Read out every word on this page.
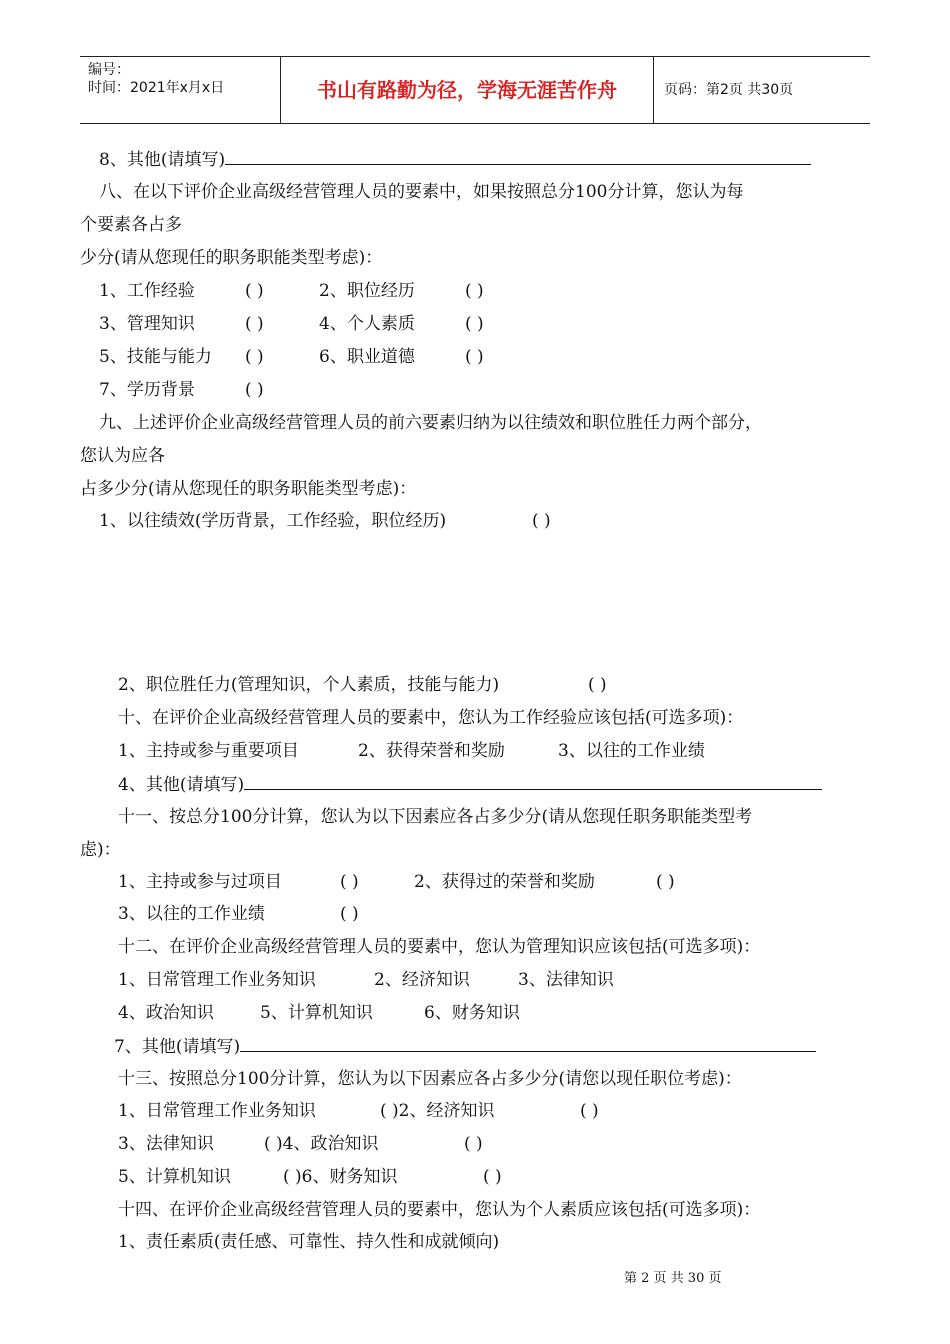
编号：
时间：2021年x月x日	书山有路勤为径，学海无涯苦作舟	页码：第2页 共30页
8、其他(请填写)
八、在以下评价企业高级经营管理人员的要素中，如果按照总分100分计算，您认为每
个要素各占多
少分(请从您现任的职务职能类型考虑)：
1、工作经验	( )	2、职位经历	( )
3、管理知识	( )	4、个人素质	( )
5、技能与能力 ( )	6、职业道德	( )
7、学历背景	( )
九、上述评价企业高级经营管理人员的前六要素归纳为以往绩效和职位胜任力两个部分，
您认为应各
占多少分(请从您现任的职务职能类型考虑)：
1、以往绩效(学历背景，工作经验，职位经历)	( )
2、职位胜任力(管理知识，个人素质，技能与能力)	( )
十、在评价企业高级经营管理人员的要素中，您认为工作经验应该包括(可选多项)：
1、主持或参与重要项目	2、获得荣誉和奖励	3、以往的工作业绩
4、其他(请填写)
十一、按总分100分计算，您认为以下因素应各占多少分(请从您现任职务职能类型考
虑)：
1、主持或参与过项目	( )	2、获得过的荣誉和奖励	( )
3、以往的工作业绩	( )
十二、在评价企业高级经营管理人员的要素中，您认为管理知识应该包括(可选多项)：
1、日常管理工作业务知识	2、经济知识	3、法律知识
4、政治知识	5、计算机知识	6、财务知识
7、其他(请填写)
十三、按照总分100分计算，您认为以下因素应各占多少分(请您以现任职位考虑)：
1、日常管理工作业务知识	( )2、经济知识	( )
3、法律知识	( )4、政治知识	( )
5、计算机知识	( )6、财务知识	( )
十四、在评价企业高级经营管理人员的要素中，您认为个人素质应该包括(可选多项)：
1、责任素质(责任感、可靠性、持久性和成就倾向)
第 2 页 共 30 页
